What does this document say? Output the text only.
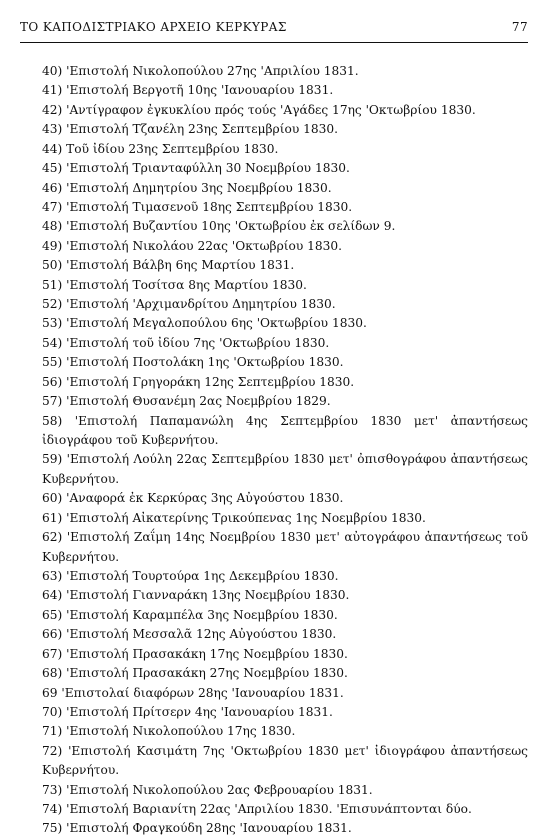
ΤΟ ΚΑΠΟΔΙΣΤΡΙΑΚΟ ΑΡΧΕΙΟ ΚΕΡΚΥΡΑΣ	77

40) 'Επιστολή Νικολοπούλου 27ης 'Απριλίου 1831.

41) 'Επιστολή Βεργοτῆ 10ης 'Ιανουαρίου 1831.

42) 'Αντίγραφον ἐγκυκλίου πρός τούς 'Αγάδες 17ης 'Οκτωβρίου 1830.

43) 'Επιστολή Τζανέλη 23ης Σεπτεμβρίου 1830.

44) Τοῦ ἰδίου 23ης Σεπτεμβρίου 1830.

45) 'Επιστολή Τριανταφύλλη 30 Νοεμβρίου 1830.

46) 'Επιστολή Δημητρίου 3ης Νοεμβρίου 1830.

47) 'Επιστολή Τιμασενοῦ 18ης Σεπτεμβρίου 1830.

48) 'Επιστολή Βυζαντίου 10ης 'Οκτωβρίου ἐκ σελίδων 9.

49) 'Επιστολή Νικολάου 22ας 'Οκτωβρίου 1830.

50) 'Επιστολή Βάλβη 6ης Μαρτίου 1831.

51) 'Επιστολή Τοσίτσα 8ης Μαρτίου 1830.

52) 'Επιστολή 'Αρχιμανδρίτου Δημητρίου 1830.

53) 'Επιστολή Μεγαλοπούλου 6ης 'Οκτωβρίου 1830.

54) 'Επιστολή τοῦ ἰδίου 7ης 'Οκτωβρίου 1830.

55) 'Επιστολή Ποστολάκη 1ης 'Οκτωβρίου 1830.

56) 'Επιστολή Γρηγοράκη 12ης Σεπτεμβρίου 1830.

57) 'Επιστολή Θυσανέμη 2ας Νοεμβρίου 1829.

58) 'Επιστολή Παπαμανώλη 4ης Σεπτεμβρίου 1830 μετ' ἀπαντήσεως ἰδιογράφου τοῦ Κυβερνήτου.

59) 'Επιστολή Λούλη 22ας Σεπτεμβρίου 1830 μετ' ὀπισθογράφου ἀπαντήσεως Κυβερνήτου.

60) 'Αναφορά ἐκ Κερκύρας 3ης Αὐγούστου 1830.

61) 'Επιστολή Αἰκατερίνης Τρικούπενας 1ης Νοεμβρίου 1830.

62) 'Επιστολή Ζαΐμη 14ης Νοεμβρίου 1830 μετ' αὐτογράφου ἀπαντήσεως τοῦ Κυβερνήτου.

63) 'Επιστολή Τουρτούρα 1ης Δεκεμβρίου 1830.

64) 'Επιστολή Γιανναράκη 13ης Νοεμβρίου 1830.

65) 'Επιστολή Καραμπέλα 3ης Νοεμβρίου 1830.

66) 'Επιστολή Μεσσαλᾶ 12ης Αὐγούστου 1830.

67) 'Επιστολή Πρασακάκη 17ης Νοεμβρίου 1830.

68) 'Επιστολή Πρασακάκη 27ης Νοεμβρίου 1830.

69 'Επιστολαί διαφόρων 28ης 'Ιανουαρίου 1831.

70) 'Επιστολή Πρίτσερν 4ης 'Ιανουαρίου 1831.

71) 'Επιστολή Νικολοπούλου 17ης 1830.

72) 'Επιστολή Κασιμάτη 7ης 'Οκτωβρίου 1830 μετ' ἰδιογράφου ἀπαντήσεως Κυβερνήτου.

73) 'Επιστολή Νικολοπούλου 2ας Φεβρουαρίου 1831.

74) 'Επιστολή Βαριανίτη 22ας 'Απριλίου 1830. 'Επισυνάπτονται δύο.

75) 'Επιστολή Φραγκούδη 28ης 'Ιανουαρίου 1831.
